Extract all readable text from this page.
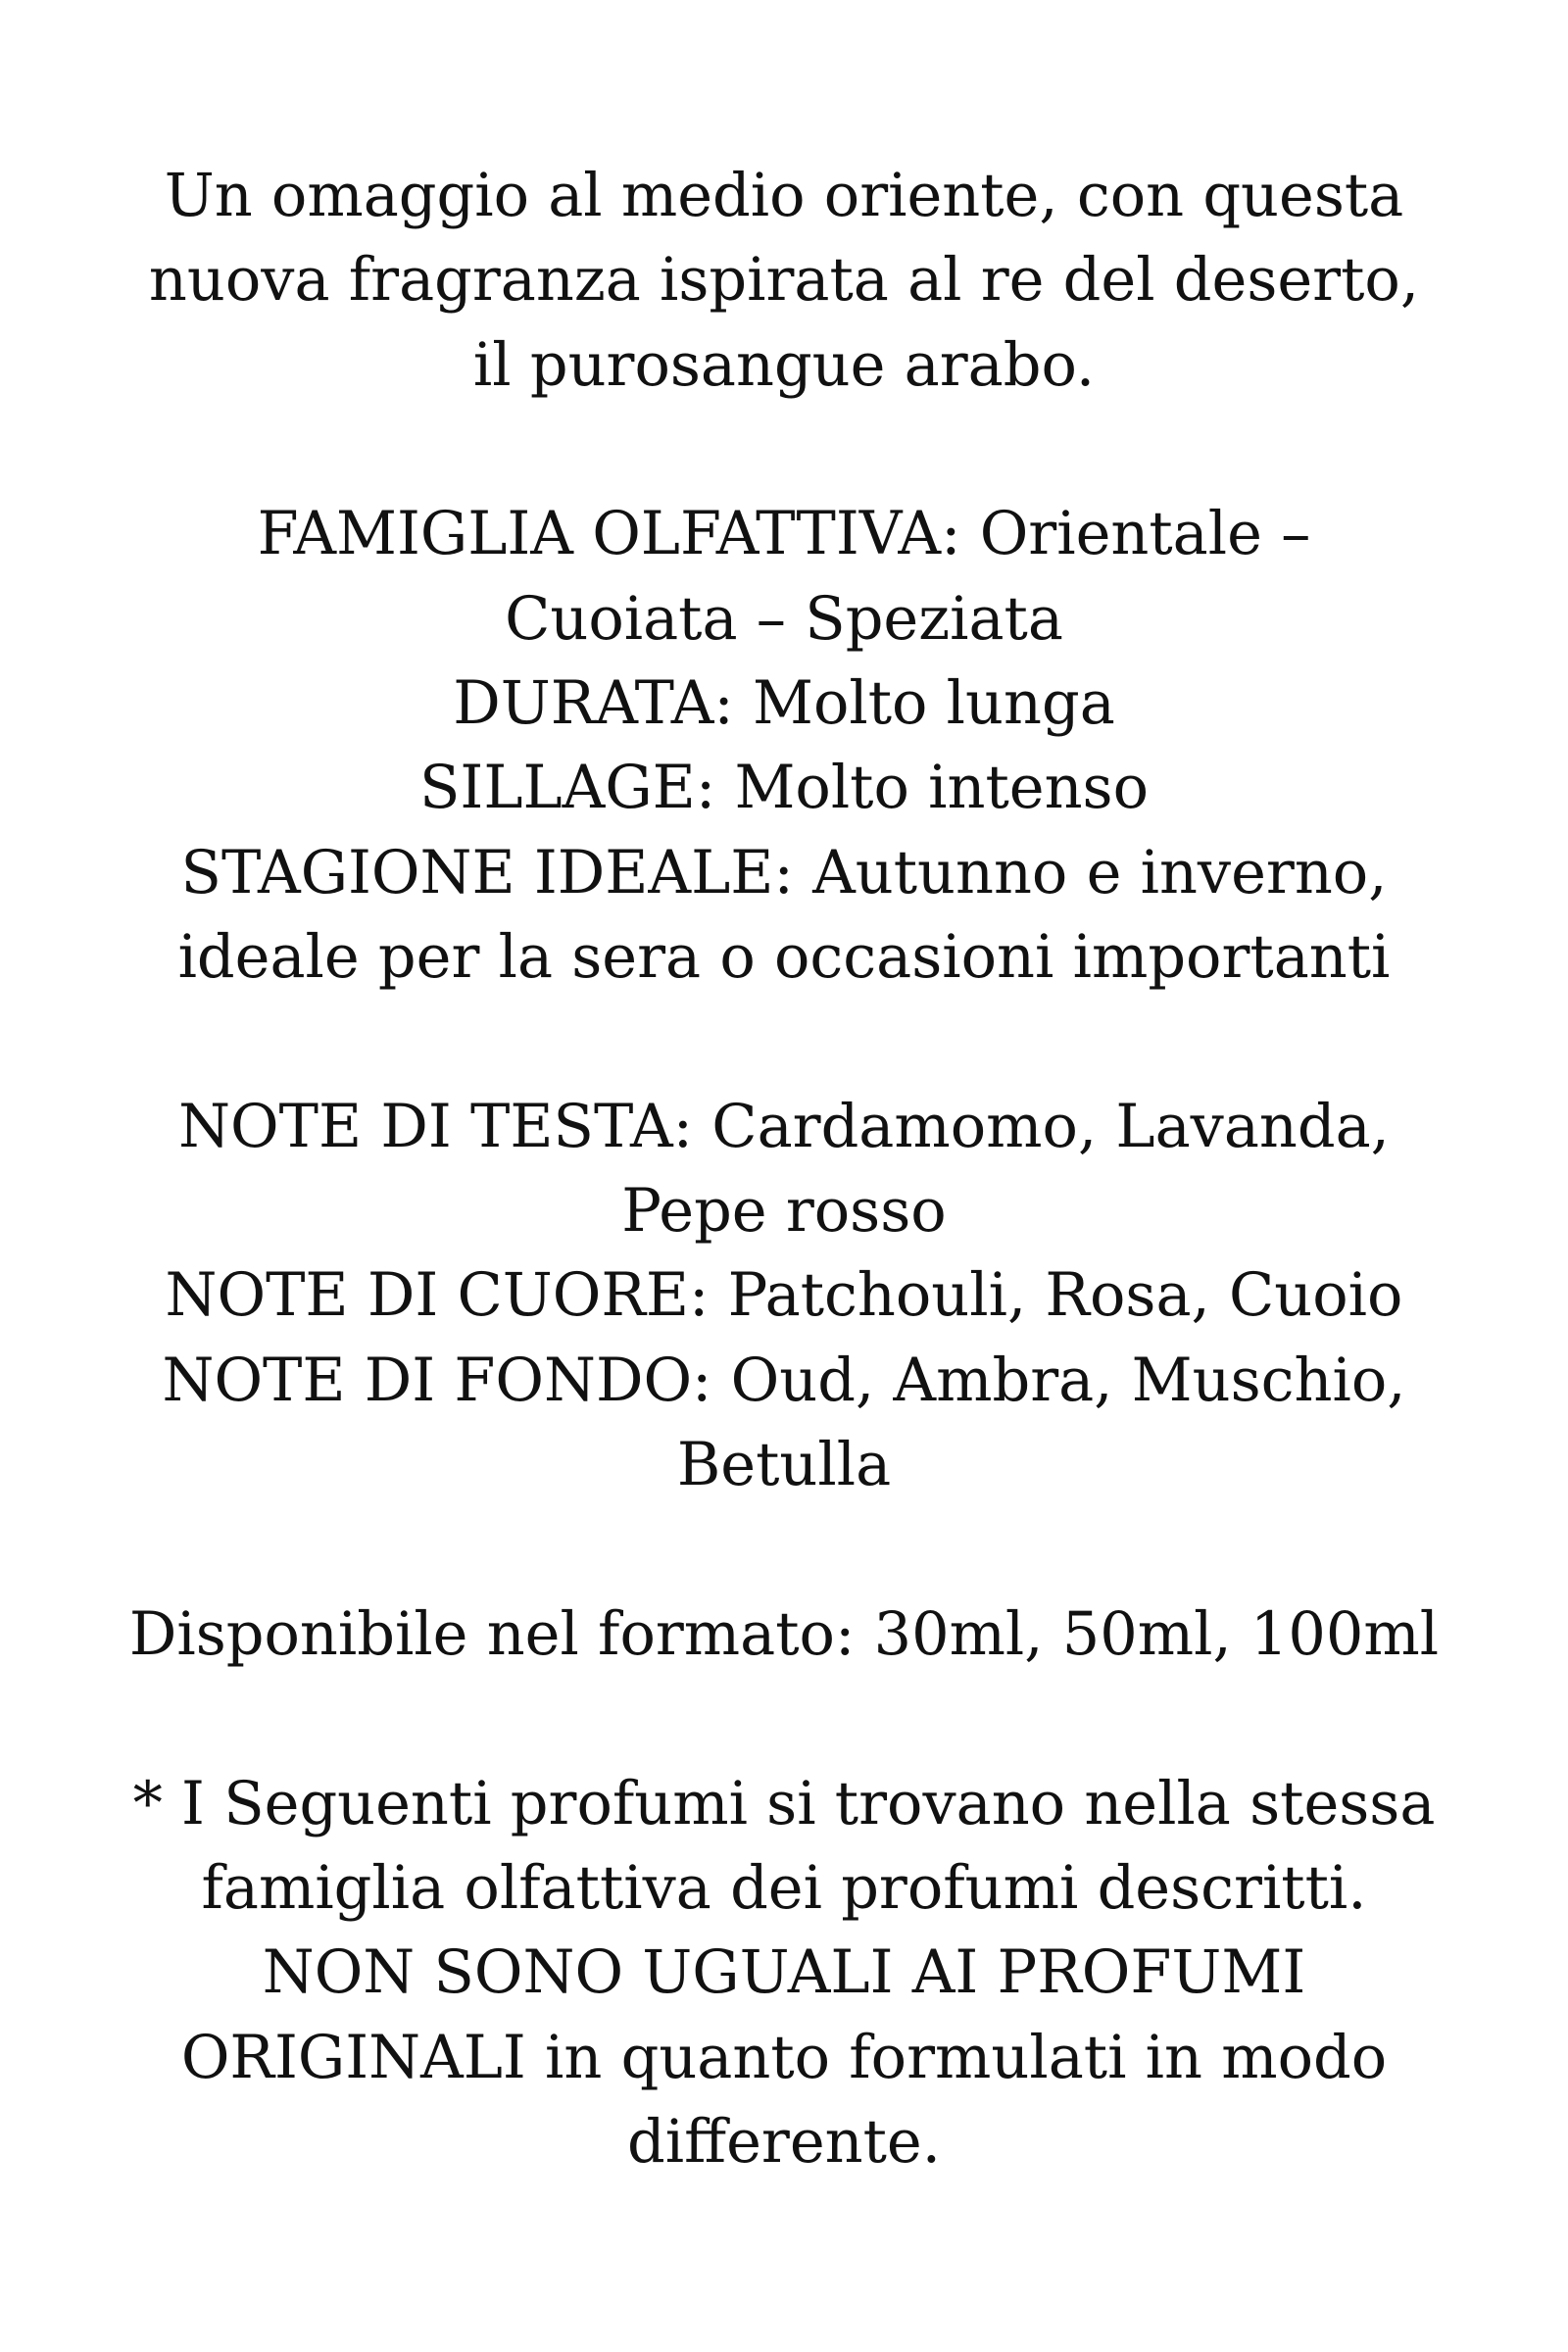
Un omaggio al medio oriente, con questa
nuova fragranza ispirata al re del deserto,
il purosangue arabo.
FAMIGLIA OLFATTIVA: Orientale –
Cuoiata – Speziata
DURATA: Molto lunga
SILLAGE: Molto intenso
STAGIONE IDEALE: Autunno e inverno,
ideale per la sera o occasioni importanti
NOTE DI TESTA: Cardamomo, Lavanda,
Pepe rosso
NOTE DI CUORE: Patchouli, Rosa, Cuoio
NOTE DI FONDO: Oud, Ambra, Muschio,
Betulla
Disponibile nel formato: 30ml, 50ml, 100ml
* I Seguenti profumi si trovano nella stessa
famiglia olfattiva dei profumi descritti.
NON SONO UGUALI AI PROFUMI
ORIGINALI in quanto formulati in modo
differente.
